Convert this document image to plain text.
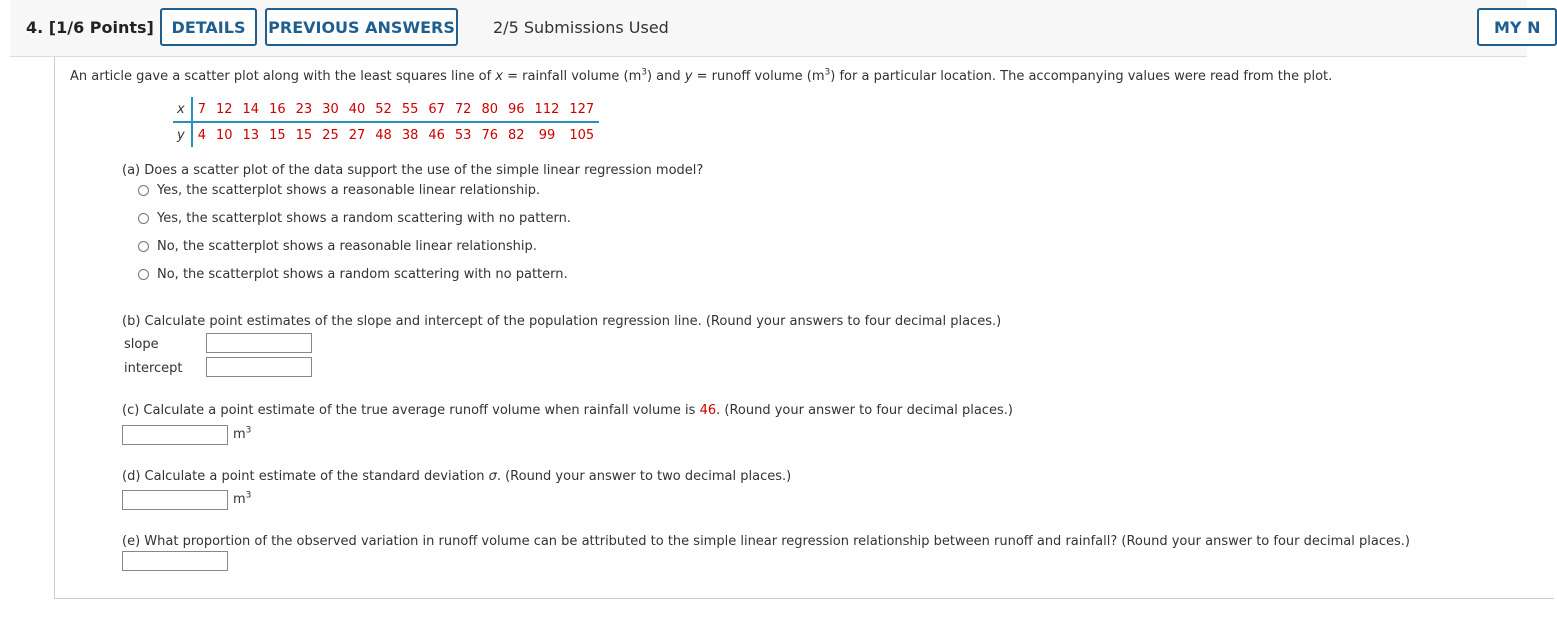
4. [1/6 Points]	DETAILS	PREVIOUS ANSWERS 2/5 Submissions Used	MY N
An article gave a scatter plot along with the least squares line of x = rainfall volume $(m^3)$ and y = runoff volume $(m^3)$ for a particular location. The accompanying values were read from the plot.
x	7	12	14	16	23	30	40	52	55	67	72	80	96	112	127
y	4	10	13	15	15	25	27	48	38	46	53	76	82	99	105
(a) Does a scatter plot of the data support the use of the simple linear regression model?
Yes, the scatterplot shows a reasonable linear relationship.
Yes, the scatterplot shows a random scattering with no pattern.
No, the scatterplot shows a reasonable linear relationship.
No, the scatterplot shows a random scattering with no pattern.
(b) Calculate point estimates of the slope and intercept of the population regression line. (Round your answers to four decimal places.)
slope
intercept
(c) Calculate a point estimate of the true average runoff volume when rainfall volume is 46. (Round your answer to four decimal places.)
$m^3$
(d) Calculate a point estimate of the standard deviation σ. (Round your answer to two decimal places.)
$m^3$
(e) What proportion of the observed variation in runoff volume can be attributed to the simple linear regression relationship between runoff and rainfall? (Round your answer to four decimal places.)
